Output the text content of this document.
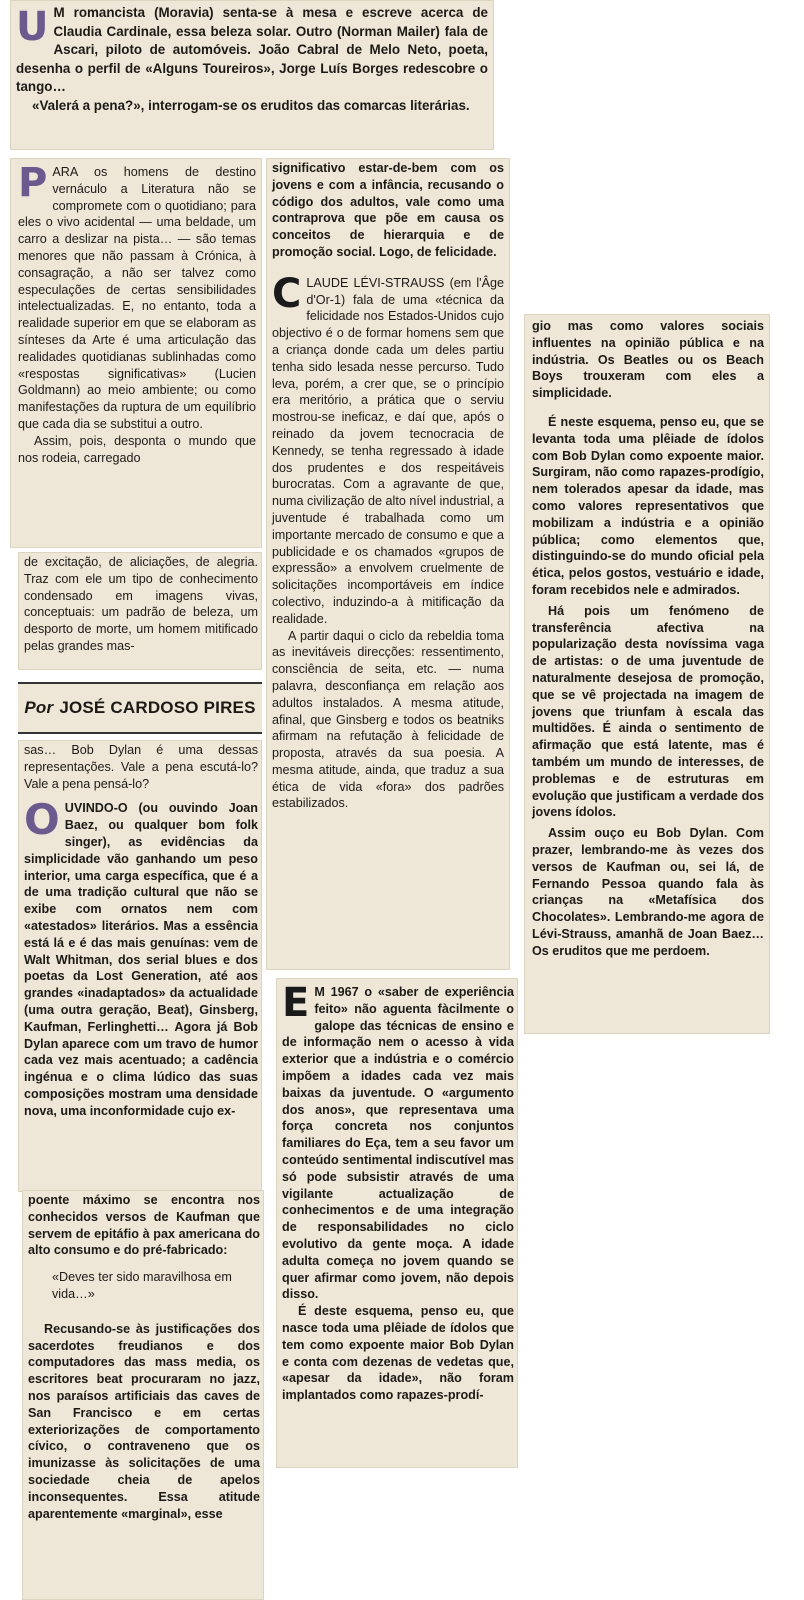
U M romancista (Moravia) senta-se à mesa e escreve acerca de Claudia Cardinale, essa beleza solar. Outro (Norman Mailer) fala de Ascari, piloto de automóveis. João Cabral de Melo Neto, poeta, desenha o perfil de «Alguns Toureiros», Jorge Luís Borges redescobre o tango…

«Valerá a pena?», interrogam-se os eruditos das comarcas literárias.

PARA os homens de destino vernáculo a Literatura não se compromete com o quotidiano; para eles o vivo acidental — uma beldade, um carro a deslizar na pista… — são temas menores que não passam à Crónica, à consagração, a não ser talvez como especulações de certas sensibilidades intelectualizadas. E, no entanto, toda a realidade superior em que se elaboram as sínteses da Arte é uma articulação das realidades quotidianas sublinhadas como «respostas significativas» (Lucien Goldmann) ao meio ambiente; ou como manifestações da ruptura de um equilíbrio que cada dia se substitui a outro.

Assim, pois, desponta o mundo que nos rodeia, carregado

de excitação, de aliciações, de alegria. Traz com ele um tipo de conhecimento condensado em imagens vivas, conceptuais: um padrão de beleza, um desporto de morte, um homem mitificado pelas grandes mas-

Por JOSÉ CARDOSO PIRES

sas… Bob Dylan é uma dessas representações. Vale a pena escutá-lo? Vale a pena pensá-lo?

OUVINDO-O (ou ouvindo Joan Baez, ou qualquer bom folk singer), as evidências da simplicidade vão ganhando um peso interior, uma carga específica, que é a de uma tradição cultural que não se exibe com ornatos nem com «atestados» literários. Mas a essência está lá e é das mais genuínas: vem de Walt Whitman, dos serial blues e dos poetas da Lost Generation, até aos grandes «inadaptados» da actualidade (uma outra geração, Beat), Ginsberg, Kaufman, Ferlinghetti… Agora já Bob Dylan aparece com um travo de humor cada vez mais acentuado; a cadência ingénua e o clima lúdico das suas composições mostram uma densidade nova, uma inconformidade cujo ex-

poente máximo se encontra nos conhecidos versos de Kaufman que servem de epitáfio à pax americana do alto consumo e do pré-fabricado:

«Deves ter sido maravilhosa em vida…»

Recusando-se às justificações dos sacerdotes freudianos e dos computadores das mass media, os escritores beat procuraram no jazz, nos paraísos artificiais das caves de San Francisco e em certas exteriorizações de comportamento cívico, o contraveneno que os imunizasse às solicitações de uma sociedade cheia de apelos inconsequentes. Essa atitude aparentemente «marginal», esse

significativo estar-de-bem com os jovens e com a infância, recusando o código dos adultos, vale como uma contraprova que põe em causa os conceitos de hierarquia e de promoção social. Logo, de felicidade.

CLAUDE LÉVI-STRAUSS (em l'Âge d'Or-1) fala de uma «técnica da felicidade nos Estados-Unidos cujo objectivo é o de formar homens sem que a criança donde cada um deles partiu tenha sido lesada nesse percurso. Tudo leva, porém, a crer que, se o princípio era meritório, a prática que o serviu mostrou-se ineficaz, e daí que, após o reinado da jovem tecnocracia de Kennedy, se tenha regressado à idade dos prudentes e dos respeitáveis burocratas. Com a agravante de que, numa civilização de alto nível industrial, a juventude é trabalhada como um importante mercado de consumo e que a publicidade e os chamados «grupos de expressão» a envolvem cruelmente de solicitações incomportáveis em índice colectivo, induzindo-a à mitificação da realidade.

A partir daqui o ciclo da rebeldia toma as inevitáveis direcções: ressentimento, consciência de seita, etc. — numa palavra, desconfiança em relação aos adultos instalados. A mesma atitude, afinal, que Ginsberg e todos os beatniks afirmam na refutação à felicidade de proposta, através da sua poesia. A mesma atitude, ainda, que traduz a sua ética de vida «fora» dos padrões estabilizados.

E M 1967 o «saber de experiência feito» não aguenta fàcilmente o galope das técnicas de ensino e de informação nem o acesso à vida exterior que a indústria e o comércio impõem a idades cada vez mais baixas da juventude. O «argumento dos anos», que representava uma força concreta nos conjuntos familiares do Eça, tem a seu favor um conteúdo sentimental indiscutível mas só pode subsistir através de uma vigilante actualização de conhecimentos e de uma integração de responsabilidades no ciclo evolutivo da gente moça. A idade adulta começa no jovem quando se quer afirmar como jovem, não depois disso.

É deste esquema, penso eu, que nasce toda uma plêiade de ídolos que tem como expoente maior Bob Dylan e conta com dezenas de vedetas que, «apesar da idade», não foram implantados como rapazes-prodí-

gio mas como valores sociais influentes na opinião pública e na indústria. Os Beatles ou os Beach Boys trouxeram com eles a simplicidade.

É neste esquema, penso eu, que se levanta toda uma plêiade de ídolos com Bob Dylan como expoente maior. Surgiram, não como rapazes-prodígio, nem tolerados apesar da idade, mas como valores representativos que mobilizam a indústria e a opinião pública; como elementos que, distinguindo-se do mundo oficial pela ética, pelos gostos, vestuário e idade, foram recebidos nele e admirados.

Há pois um fenómeno de transferência afectiva na popularização desta novíssima vaga de artistas: o de uma juventude de naturalmente desejosa de promoção, que se vê projectada na imagem de jovens que triunfam à escala das multidões. É ainda o sentimento de afirmação que está latente, mas é também um mundo de interesses, de problemas e de estruturas em evolução que justificam a verdade dos jovens ídolos.

Assim ouço eu Bob Dylan. Com prazer, lembrando-me às vezes dos versos de Kaufman ou, sei lá, de Fernando Pessoa quando fala às crianças na «Metafísica dos Chocolates». Lembrando-me agora de Lévi-Strauss, amanhã de Joan Baez… Os eruditos que me perdoem.
